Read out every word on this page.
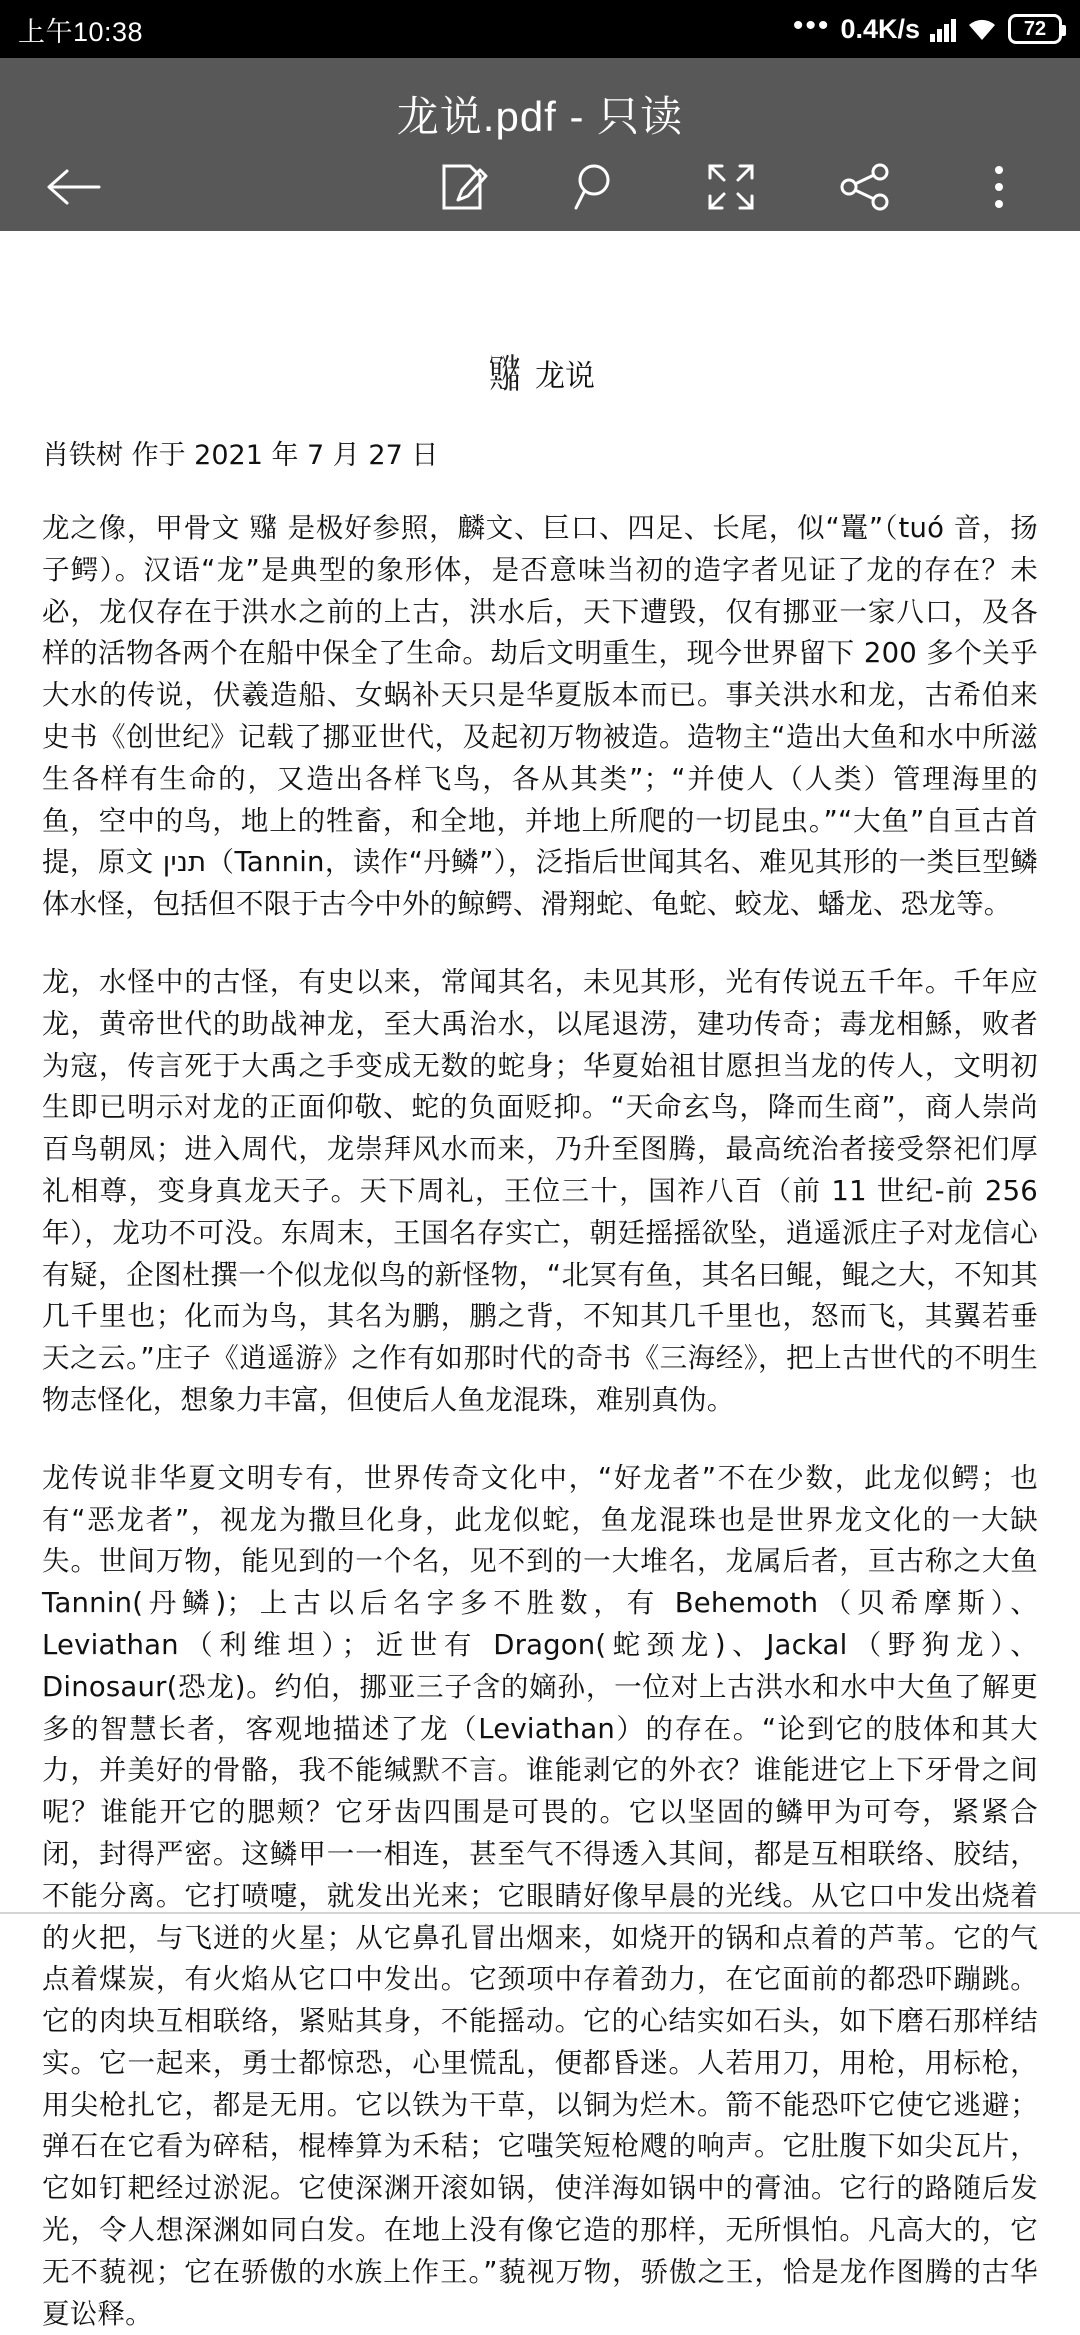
上午10:38	••• 0.4K/s	72
龙说.pdf - 只读
𤣘 龙说
肖铁树 作于 2021 年 7 月 27 日
龙之像，甲骨文 𤣘 是极好参照，麟文、巨口、四足、长尾，似“鼍”（tuó 音，扬子鳄）。汉语“龙”是典型的象形体，是否意味当初的造字者见证了龙的存在？未必，龙仅存在于洪水之前的上古，洪水后，天下遭毁，仅有挪亚一家八口，及各样的活物各两个在船中保全了生命。劫后文明重生，现今世界留下 200 多个关乎大水的传说，伏羲造船、女蜗补天只是华夏版本而已。事关洪水和龙，古希伯来史书《创世纪》记载了挪亚世代，及起初万物被造。造物主“造出大鱼和水中所滋生各样有生命的，又造出各样飞鸟，各从其类”；“并使人（人类）管理海里的鱼，空中的鸟，地上的牲畜，和全地，并地上所爬的一切昆虫。”“大鱼”自亘古首提，原文 תנין（Tannin，读作“丹鳞”），泛指后世闻其名、难见其形的一类巨型鳞体水怪，包括但不限于古今中外的鲸鳄、滑翔蛇、龟蛇、蛟龙、蟠龙、恐龙等。
龙，水怪中的古怪，有史以来，常闻其名，未见其形，光有传说五千年。千年应龙，黄帝世代的助战神龙，至大禹治水，以尾退涝，建功传奇；毒龙相鯀，败者为寇，传言死于大禹之手变成无数的蛇身；华夏始祖甘愿担当龙的传人，文明初生即已明示对龙的正面仰敬、蛇的负面贬抑。“天命玄鸟，降而生商”，商人崇尚百鸟朝凤；进入周代，龙崇拜风水而来，乃升至图腾，最高统治者接受祭祀们厚礼相尊，变身真龙天子。天下周礼，王位三十，国祚八百（前 11 世纪-前 256 年），龙功不可没。东周末，王国名存实亡，朝廷摇摇欲坠，逍遥派庄子对龙信心有疑，企图杜撰一个似龙似鸟的新怪物，“北冥有鱼，其名曰鲲，鲲之大，不知其几千里也；化而为鸟，其名为鹏，鹏之背，不知其几千里也，怒而飞，其翼若垂天之云。”庄子《逍遥游》之作有如那时代的奇书《三海经》，把上古世代的不明生物志怪化，想象力丰富，但使后人鱼龙混珠，难别真伪。
龙传说非华夏文明专有，世界传奇文化中，“好龙者”不在少数，此龙似鳄；也有“恶龙者”，视龙为撒旦化身，此龙似蛇，鱼龙混珠也是世界龙文化的一大缺失。世间万物，能见到的一个名，见不到的一大堆名，龙属后者，亘古称之大鱼 Tannin(丹鳞)；上古以后名字多不胜数，有 Behemoth（贝希摩斯）、Leviathan（利维坦）；近世有 Dragon(蛇颈龙)、Jackal（野狗龙）、Dinosaur(恐龙)。约伯，挪亚三子含的嫡孙，一位对上古洪水和水中大鱼了解更多的智慧长者，客观地描述了龙（Leviathan）的存在。“论到它的肢体和其大力，并美好的骨骼，我不能缄默不言。谁能剥它的外衣？谁能进它上下牙骨之间呢？谁能开它的腮颊？它牙齿四围是可畏的。它以坚固的鳞甲为可夸，紧紧合闭，封得严密。这鳞甲一一相连，甚至气不得透入其间，都是互相联络、胶结，不能分离。它打喷嚏，就发出光来；它眼睛好像早晨的光线。从它口中发出烧着的火把，与飞迸的火星；从它鼻孔冒出烟来，如烧开的锅和点着的芦苇。它的气点着煤炭，有火焰从它口中发出。它颈项中存着劲力，在它面前的都恐吓蹦跳。它的肉块互相联络，紧贴其身，不能摇动。它的心结实如石头，如下磨石那样结实。它一起来，勇士都惊恐，心里慌乱，便都昏迷。人若用刀，用枪，用标枪，用尖枪扎它，都是无用。它以铁为干草，以铜为烂木。箭不能恐吓它使它逃避；弹石在它看为碎秸，棍棒算为禾秸；它嗤笑短枪飕的响声。它肚腹下如尖瓦片，它如钉耙经过淤泥。它使深渊开滚如锅，使洋海如锅中的膏油。它行的路随后发光，令人想深渊如同白发。在地上没有像它造的那样，无所惧怕。凡高大的，它无不藐视；它在骄傲的水族上作王。”藐视万物，骄傲之王，恰是龙作图腾的古华夏讼释。
